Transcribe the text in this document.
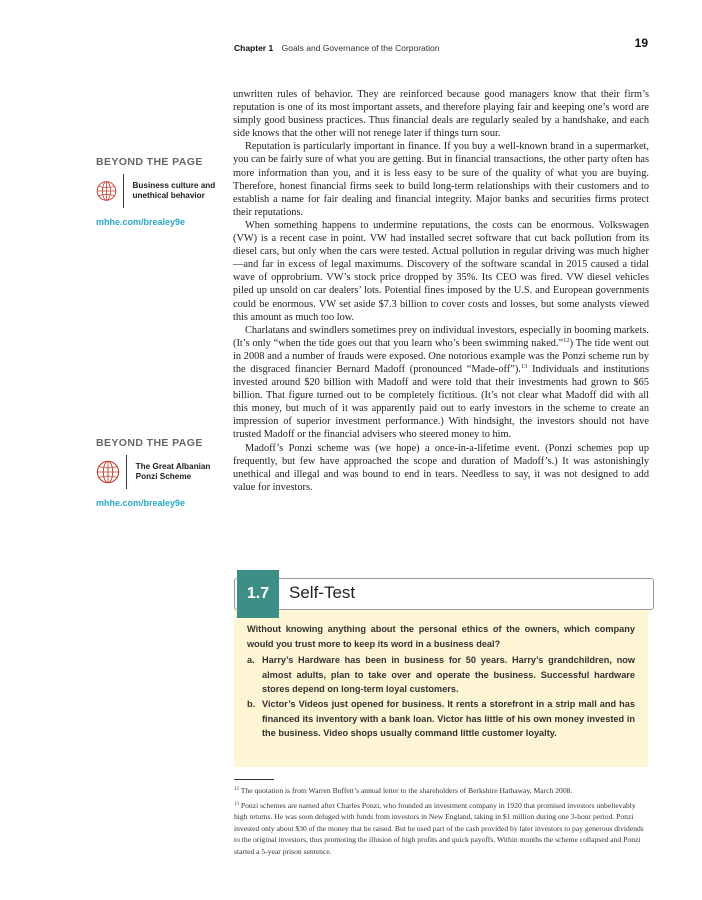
Chapter 1 Goals and Governance of the Corporation	19

unwritten rules of behavior. They are reinforced because good managers know that their firm’s reputation is one of its most important assets, and therefore playing fair and keeping one’s word are simply good business practices. Thus financial deals are regularly sealed by a handshake, and each side knows that the other will not renege later if things turn sour.

Reputation is particularly important in finance. If you buy a well-known brand in a supermarket, you can be fairly sure of what you are getting. But in financial transactions, the other party often has more information than you, and it is less easy to be sure of the quality of what you are buying. Therefore, honest financial firms seek to build long-term relationships with their customers and to establish a name for fair dealing and financial integrity. Major banks and securities firms protect their reputations.

When something happens to undermine reputations, the costs can be enormous. Volkswagen (VW) is a recent case in point. VW had installed secret software that cut back pollution from its diesel cars, but only when the cars were tested. Actual pollution in regular driving was much higher—and far in excess of legal maximums. Discovery of the software scandal in 2015 caused a tidal wave of opprobrium. VW’s stock price dropped by 35%. Its CEO was fired. VW diesel vehicles piled up unsold on car dealers’ lots. Potential fines imposed by the U.S. and European governments could be enormous. VW set aside $7.3 billion to cover costs and losses, but some analysts viewed this amount as much too low.

Charlatans and swindlers sometimes prey on individual investors, especially in booming markets. (It’s only “when the tide goes out that you learn who’s been swimming naked.”$^{12}$) The tide went out in 2008 and a number of frauds were exposed. One notorious example was the Ponzi scheme run by the disgraced financier Bernard Madoff (pronounced “Made-off”).$^{13}$ Individuals and institutions invested around $20 billion with Madoff and were told that their investments had grown to $65 billion. That figure turned out to be completely fictitious. (It’s not clear what Madoff did with all this money, but much of it was apparently paid out to early investors in the scheme to create an impression of superior investment performance.) With hindsight, the investors should not have trusted Madoff or the financial advisers who steered money to him.

Madoff’s Ponzi scheme was (we hope) a once-in-a-lifetime event. (Ponzi schemes pop up frequently, but few have approached the scope and duration of Madoff’s.) It was astonishingly unethical and illegal and was bound to end in tears. Needless to say, it was not designed to add value for investors.

BEYOND THE PAGE
Business culture and unethical behavior
mhhe.com/brealey9e
BEYOND THE PAGE
The Great Albanian Ponzi Scheme
mhhe.com/brealey9e
1.7	Self-Test

Without knowing anything about the personal ethics of the owners, which company would you trust more to keep its word in a business deal?

a. Harry’s Hardware has been in business for 50 years. Harry’s grandchildren, now almost adults, plan to take over and operate the business. Successful hardware stores depend on long-term loyal customers.
b. Victor’s Videos just opened for business. It rents a storefront in a strip mall and has financed its inventory with a bank loan. Victor has little of his own money invested in the business. Video shops usually command little customer loyalty.

$^{12}$ The quotation is from Warren Buffett’s annual letter to the shareholders of Berkshire Hathaway, March 2008.

$^{13}$ Ponzi schemes are named after Charles Ponzi, who founded an investment company in 1920 that promised investors unbelievably high returns. He was soon deluged with funds from investors in New England, taking in $1 million during one 3-hour period. Ponzi invested only about $30 of the money that he raised. But he used part of the cash provided by later investors to pay generous dividends to the original investors, thus promoting the illusion of high profits and quick payoffs. Within months the scheme collapsed and Ponzi started a 5-year prison sentence.
